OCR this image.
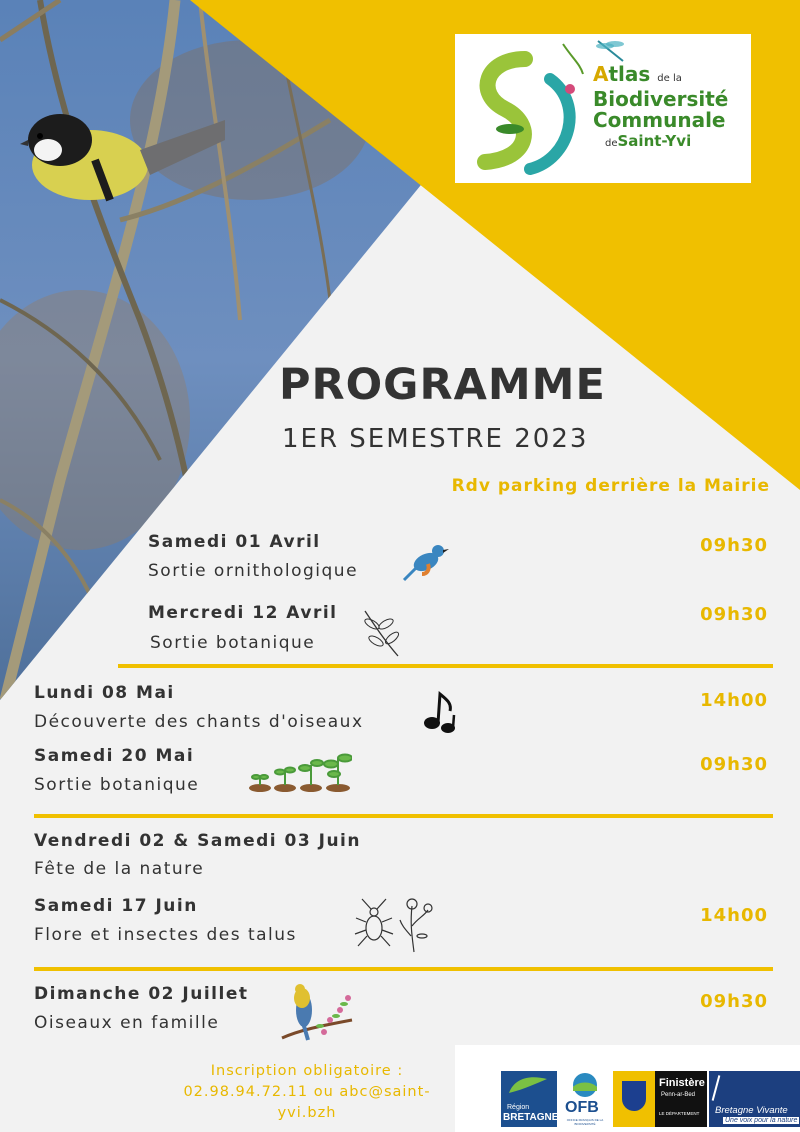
Atlas de la
Biodiversité
Communale
deSaint-Yvi
PROGRAMME
1ER SEMESTRE 2023
Rdv parking derrière la Mairie
Samedi 01 Avril
Sortie ornithologique
09h30
Mercredi 12 Avril
Sortie botanique
09h30
Lundi 08 Mai
Découverte des chants d'oiseaux
14h00
Samedi 20 Mai
Sortie botanique
09h30
Vendredi 02 & Samedi 03 Juin
Fête de la nature
Samedi 17 Juin
Flore et insectes des talus
14h00
Dimanche 02 Juillet
Oiseaux en famille
09h30
Inscription obligatoire :
02.98.94.72.11 ou abc@saint-
yvi.bzh	Région
BRETAGNE
OFB
OFFICE FRANÇAIS DE LA BIODIVERSITÉ
Finistère
Penn-ar-Bed
LE DÉPARTEMENT Bretagne Vivante
Une voix pour la nature
